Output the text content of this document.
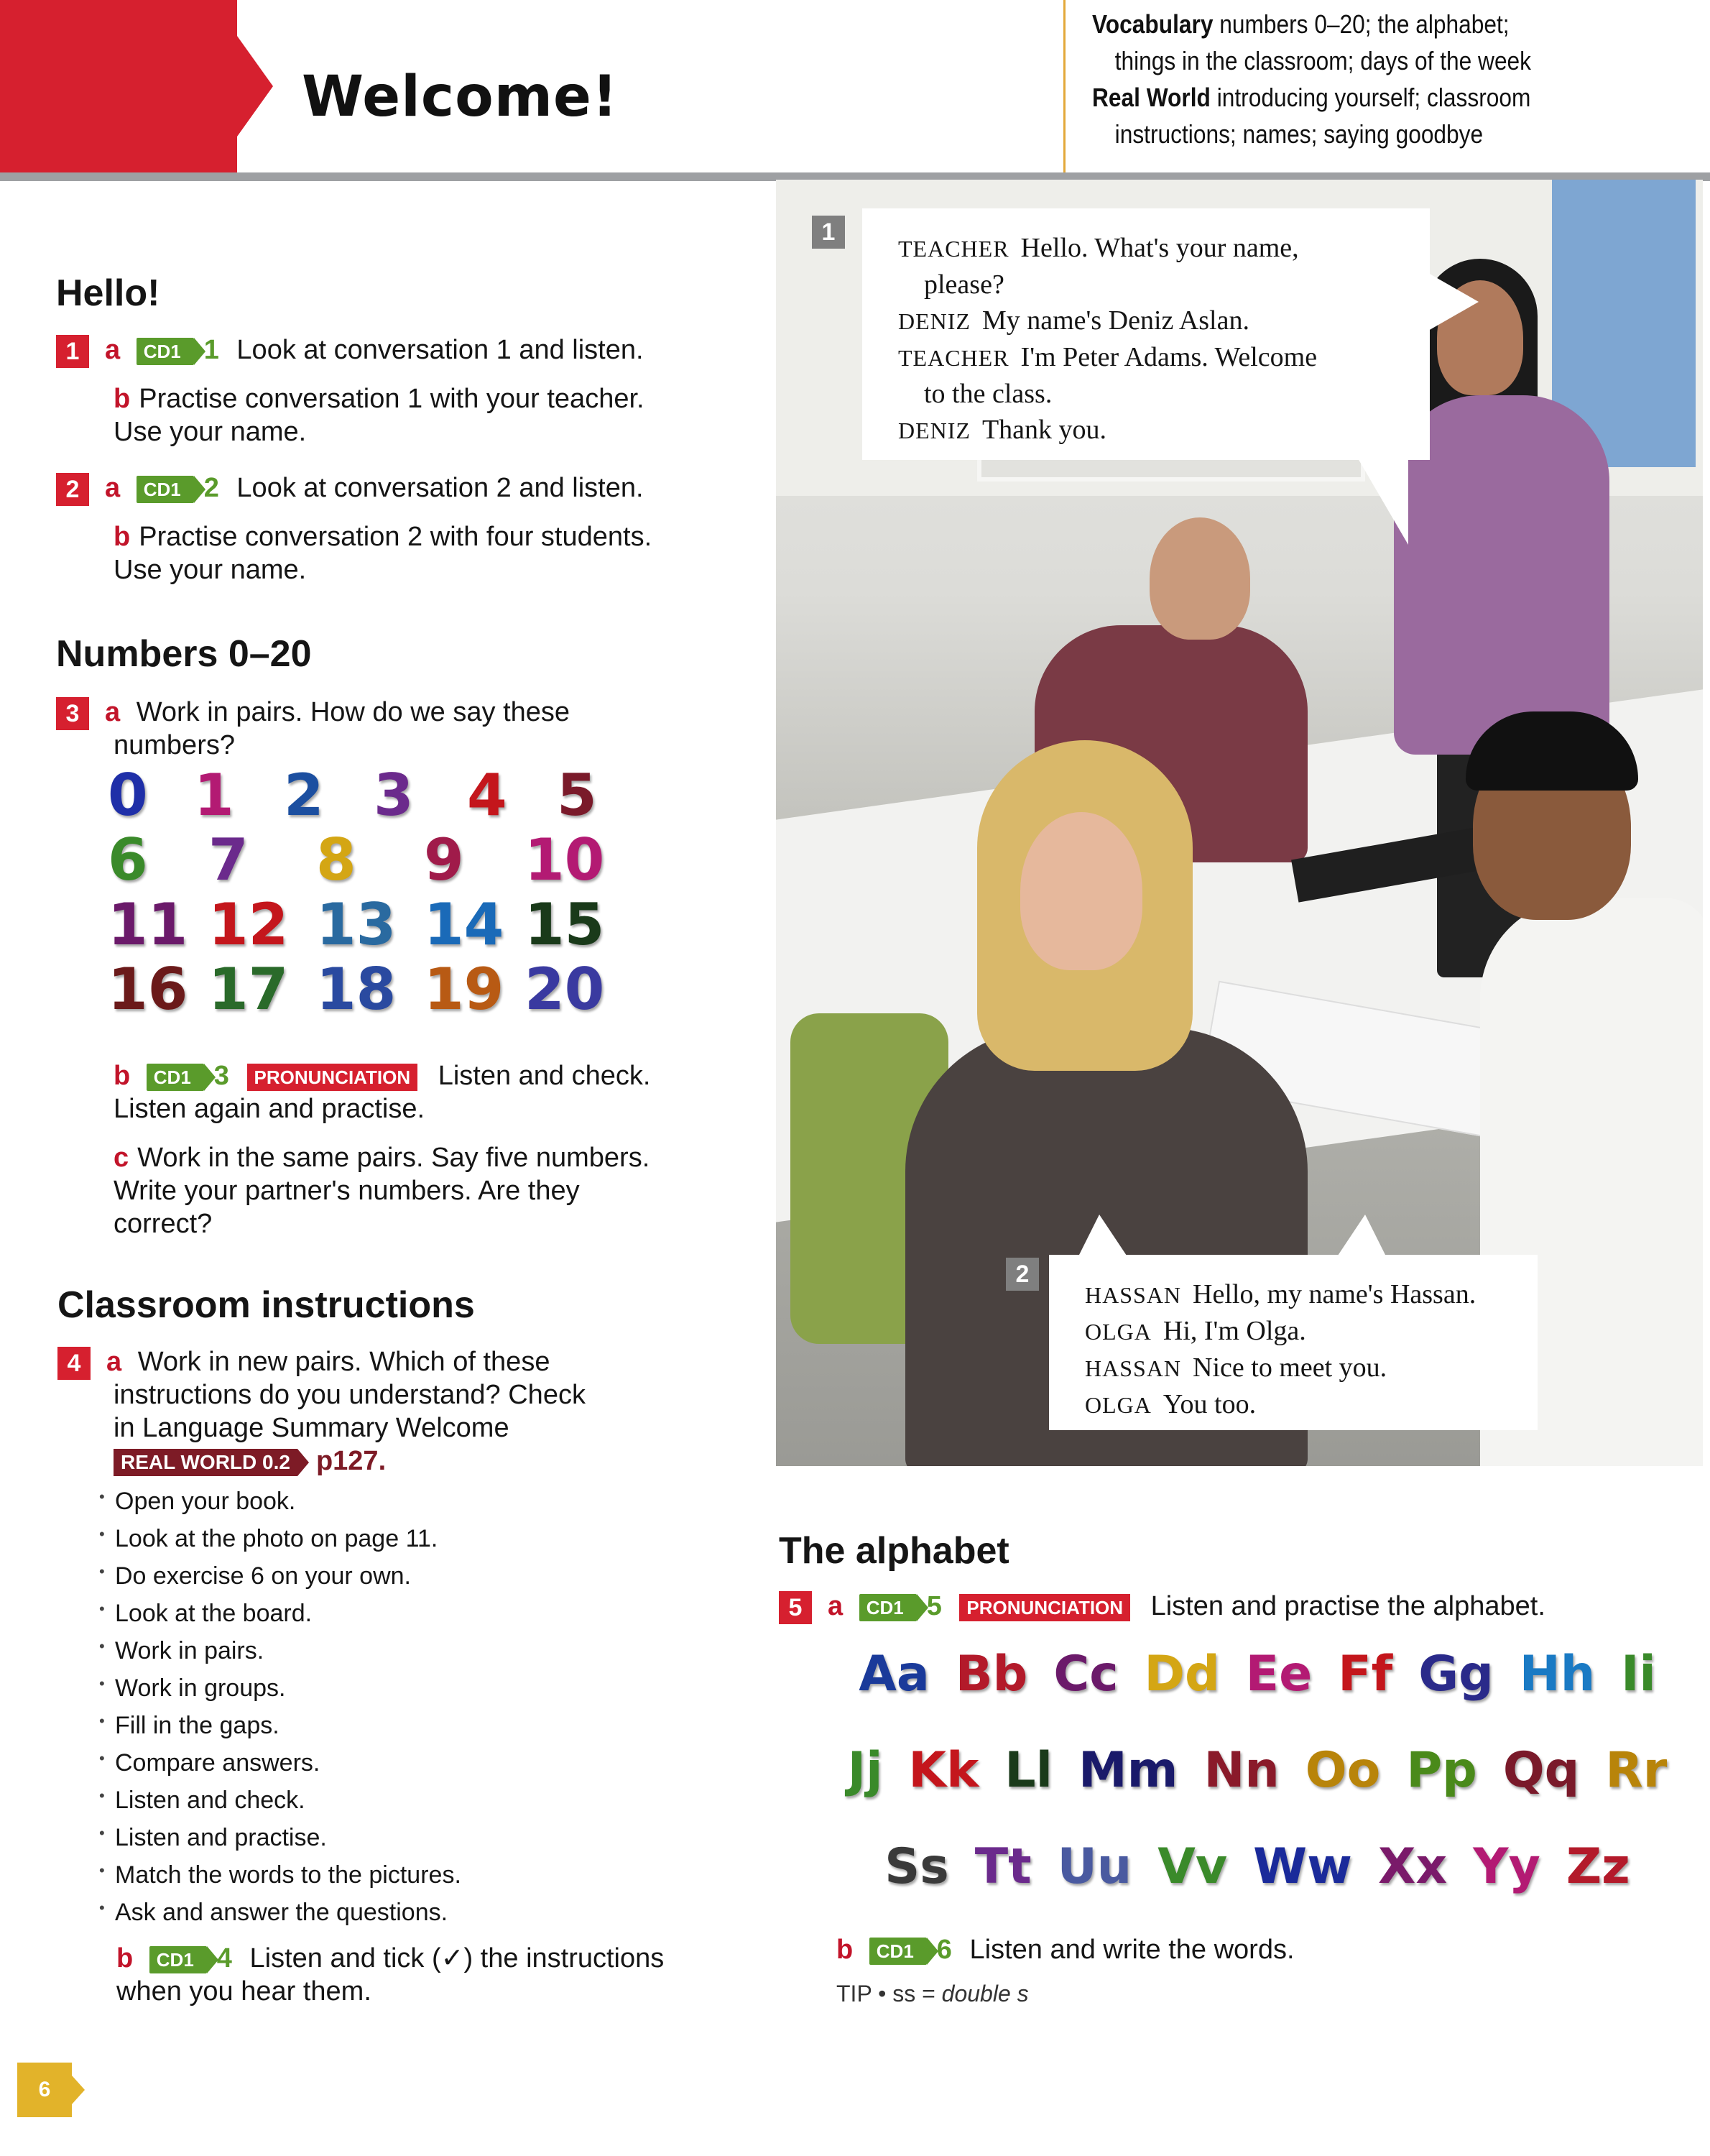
Welcome!
Vocabulary numbers 0–20; the alphabet;
things in the classroom; days of the week
Real World introducing yourself; classroom
instructions; names; saying goodbye
Hello!
1 a CD1 1 Look at conversation 1 and listen.
b Practise conversation 1 with your teacher.
Use your name.
2 a CD1 2 Look at conversation 2 and listen.
b Practise conversation 2 with four students.
Use your name.
Numbers 0–20
3 a Work in pairs. How do we say these
numbers?
0 1 2 3 4 5
6 7 8 9 10
11 12 13 14 15
16 17 18 19 20
b CD1 3 PRONUNCIATION Listen and check.
Listen again and practise.
c Work in the same pairs. Say five numbers.
Write your partner's numbers. Are they
correct?
Classroom instructions
4 a Work in new pairs. Which of these
instructions do you understand? Check
in Language Summary Welcome
REAL WORLD 0.2 p127.
• Open your book.
• Look at the photo on page 11.
• Do exercise 6 on your own.
• Look at the board.
• Work in pairs.
• Work in groups.
• Fill in the gaps.
• Compare answers.
• Listen and check.
• Listen and practise.
• Match the words to the pictures.
• Ask and answer the questions.
b CD1 4 Listen and tick (✓) the instructions
when you hear them.
1
TEACHER Hello. What's your name,
please?
DENIZ My name's Deniz Aslan.
TEACHER I'm Peter Adams. Welcome
to the class.
DENIZ Thank you.
2
HASSAN Hello, my name's Hassan.
OLGA Hi, I'm Olga.
HASSAN Nice to meet you.
OLGA You too.
The alphabet
5 a CD1 5 PRONUNCIATION Listen and practise the alphabet.
Aa Bb Cc Dd Ee Ff Gg Hh Ii
Jj Kk Ll Mm Nn Oo Pp Qq Rr
Ss Tt Uu Vv Ww Xx Yy Zz
b CD1 6 Listen and write the words.
TIP • ss = double s
6
